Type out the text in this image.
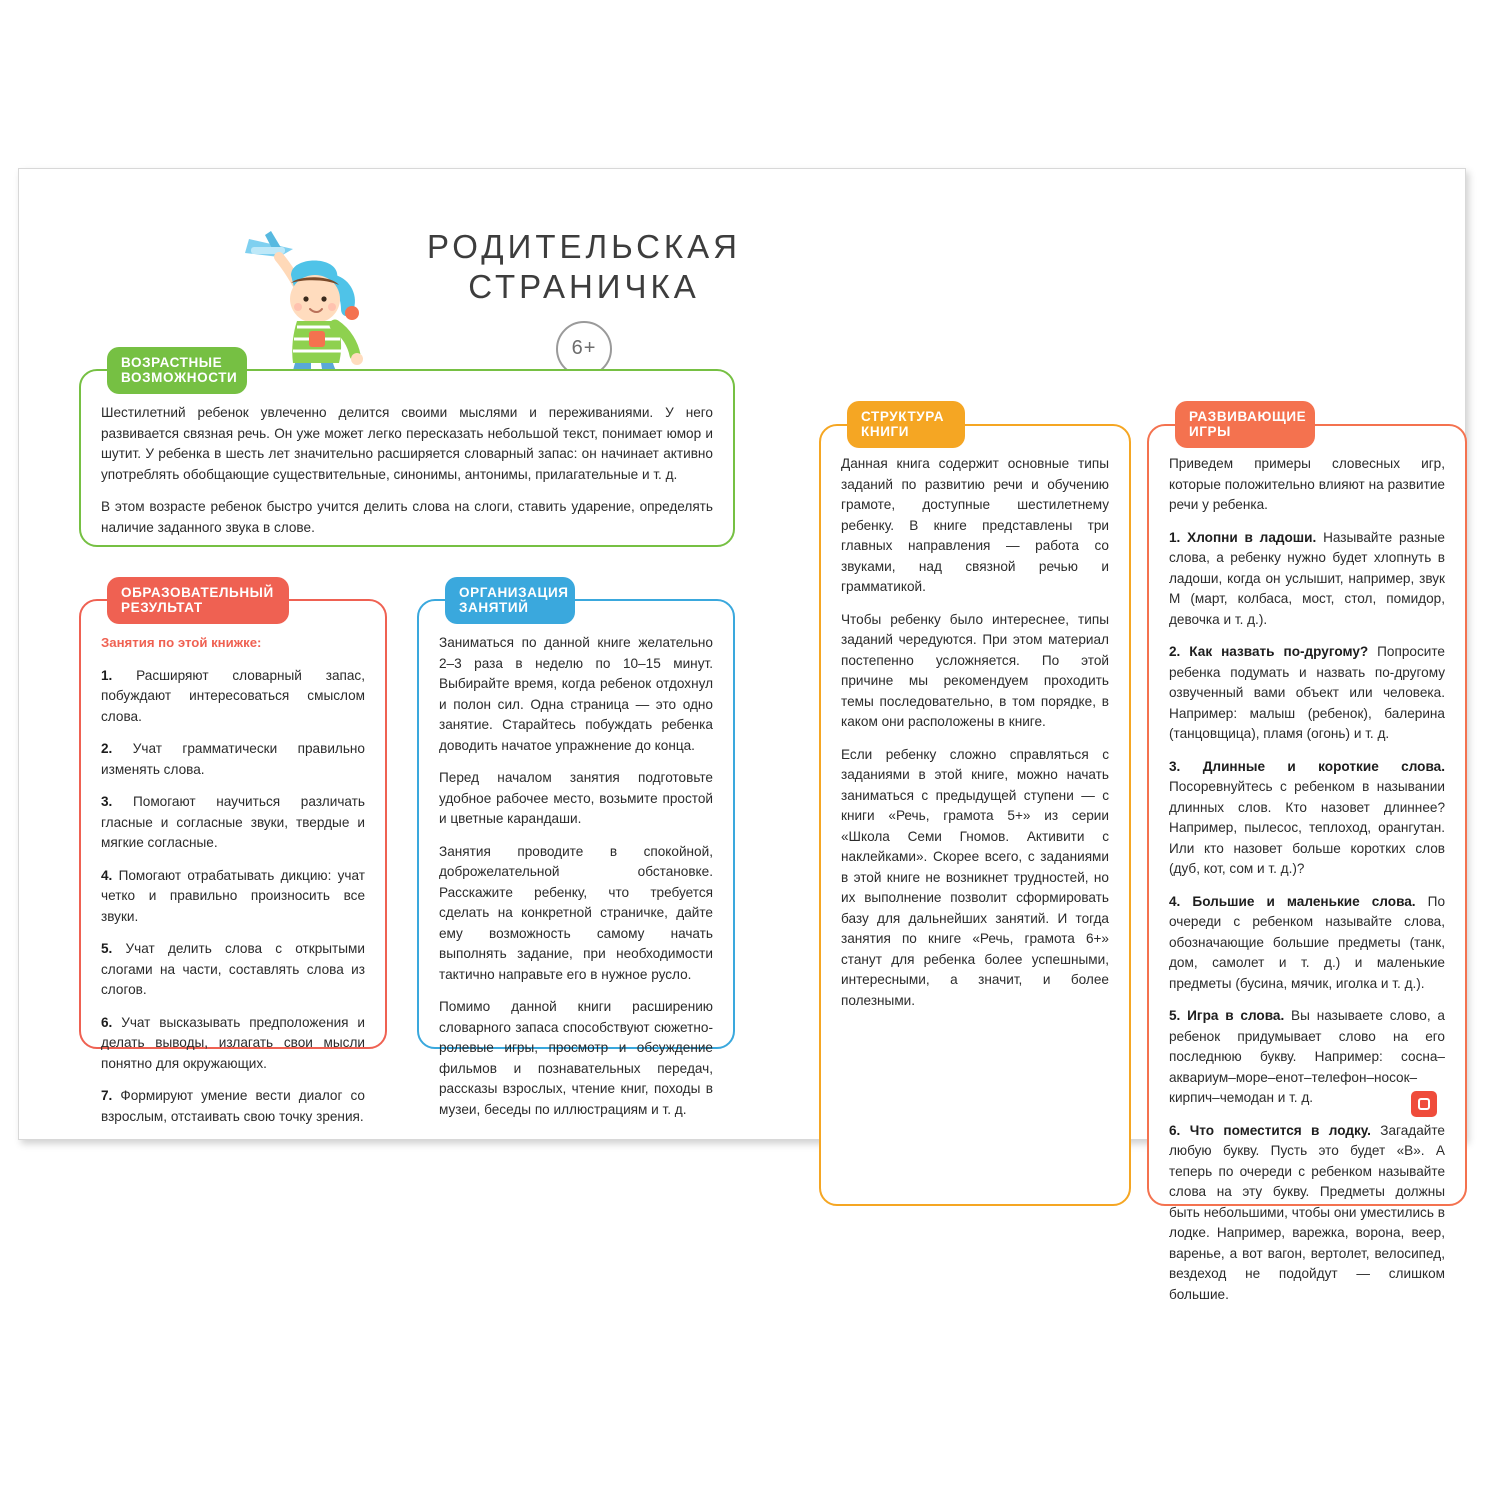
РОДИТЕЛЬСКАЯ СТРАНИЧКА
6+
ВОЗРАСТНЫЕ ВОЗМОЖНОСТИ

Шестилетний ребенок увлеченно делится своими мыслями и переживаниями. У него развивается связная речь. Он уже может легко пересказать небольшой текст, понимает юмор и шутит. У ребенка в шесть лет значительно расширяется словарный запас: он начинает активно употреблять обобщающие существительные, синонимы, антонимы, прилагательные и т. д.

В этом возрасте ребенок быстро учится делить слова на слоги, ставить ударение, определять наличие заданного звука в слове.

ОБРАЗОВАТЕЛЬНЫЙ РЕЗУЛЬТАТ
Занятия по этой книжке:

1. Расширяют словарный запас, побуждают интересоваться смыслом слова.

2. Учат грамматически правильно изменять слова.

3. Помогают научиться различать гласные и согласные звуки, твердые и мягкие согласные.

4. Помогают отрабатывать дикцию: учат четко и правильно произносить все звуки.

5. Учат делить слова с открытыми слогами на части, составлять слова из слогов.

6. Учат высказывать предположения и делать выводы, излагать свои мысли понятно для окружающих.

7. Формируют умение вести диалог со взрослым, отстаивать свою точку зрения.

ОРГАНИЗАЦИЯ ЗАНЯТИЙ

Заниматься по данной книге желательно 2–3 раза в неделю по 10–15 минут. Выбирайте время, когда ребенок отдохнул и полон сил. Одна страница — это одно занятие. Старайтесь побуждать ребенка доводить начатое упражнение до конца.

Перед началом занятия подготовьте удобное рабочее место, возьмите простой и цветные карандаши.

Занятия проводите в спокойной, доброжелательной обстановке. Расскажите ребенку, что требуется сделать на конкретной страничке, дайте ему возможность самому начать выполнять задание, при необходимости тактично направьте его в нужное русло.

Помимо данной книги расширению словарного запаса способствуют сюжетно-ролевые игры, просмотр и обсуждение фильмов и познавательных передач, рассказы взрослых, чтение книг, походы в музеи, беседы по иллюстрациям и т. д.

СТРУКТУРА КНИГИ

Данная книга содержит основные типы заданий по развитию речи и обучению грамоте, доступные шестилетнему ребенку. В книге представлены три главных направления — работа со звуками, над связной речью и грамматикой.

Чтобы ребенку было интереснее, типы заданий чередуются. При этом материал постепенно усложняется. По этой причине мы рекомендуем проходить темы последовательно, в том порядке, в каком они расположены в книге.

Если ребенку сложно справляться с заданиями в этой книге, можно начать заниматься с предыдущей ступени — с книги «Речь, грамота 5+» из серии «Школа Семи Гномов. Активити с наклейками». Скорее всего, с заданиями в этой книге не возникнет трудностей, но их выполнение позволит сформировать базу для дальнейших занятий. И тогда занятия по книге «Речь, грамота 6+» станут для ребенка более успешными, интересными, а значит, и более полезными.

РАЗВИВАЮЩИЕ ИГРЫ

Приведем примеры словесных игр, которые положительно влияют на развитие речи у ребенка.

1. Хлопни в ладоши. Называйте разные слова, а ребенку нужно будет хлопнуть в ладоши, когда он услышит, например, звук М (март, колбаса, мост, стол, помидор, девочка и т. д.).

2. Как назвать по-другому? Попросите ребенка подумать и назвать по-другому озвученный вами объект или человека. Например: малыш (ребенок), балерина (танцовщица), пламя (огонь) и т. д.

3. Длинные и короткие слова. Посоревнуйтесь с ребенком в назывании длинных слов. Кто назовет длиннее? Например, пылесос, теплоход, орангутан. Или кто назовет больше коротких слов (дуб, кот, сом и т. д.)?

4. Большие и маленькие слова. По очереди с ребенком называйте слова, обозначающие большие предметы (танк, дом, самолет и т. д.) и маленькие предметы (бусина, мячик, иголка и т. д.).

5. Игра в слова. Вы называете слово, а ребенок придумывает слово на его последнюю букву. Например: сосна–аквариум–море–енот–телефон–носок–кирпич–чемодан и т. д.

6. Что поместится в лодку. Загадайте любую букву. Пусть это будет «В». А теперь по очереди с ребенком называйте слова на эту букву. Предметы должны быть небольшими, чтобы они уместились в лодке. Например, варежка, ворона, веер, варенье, а вот вагон, вертолет, велосипед, вездеход не подойдут — слишком большие.
